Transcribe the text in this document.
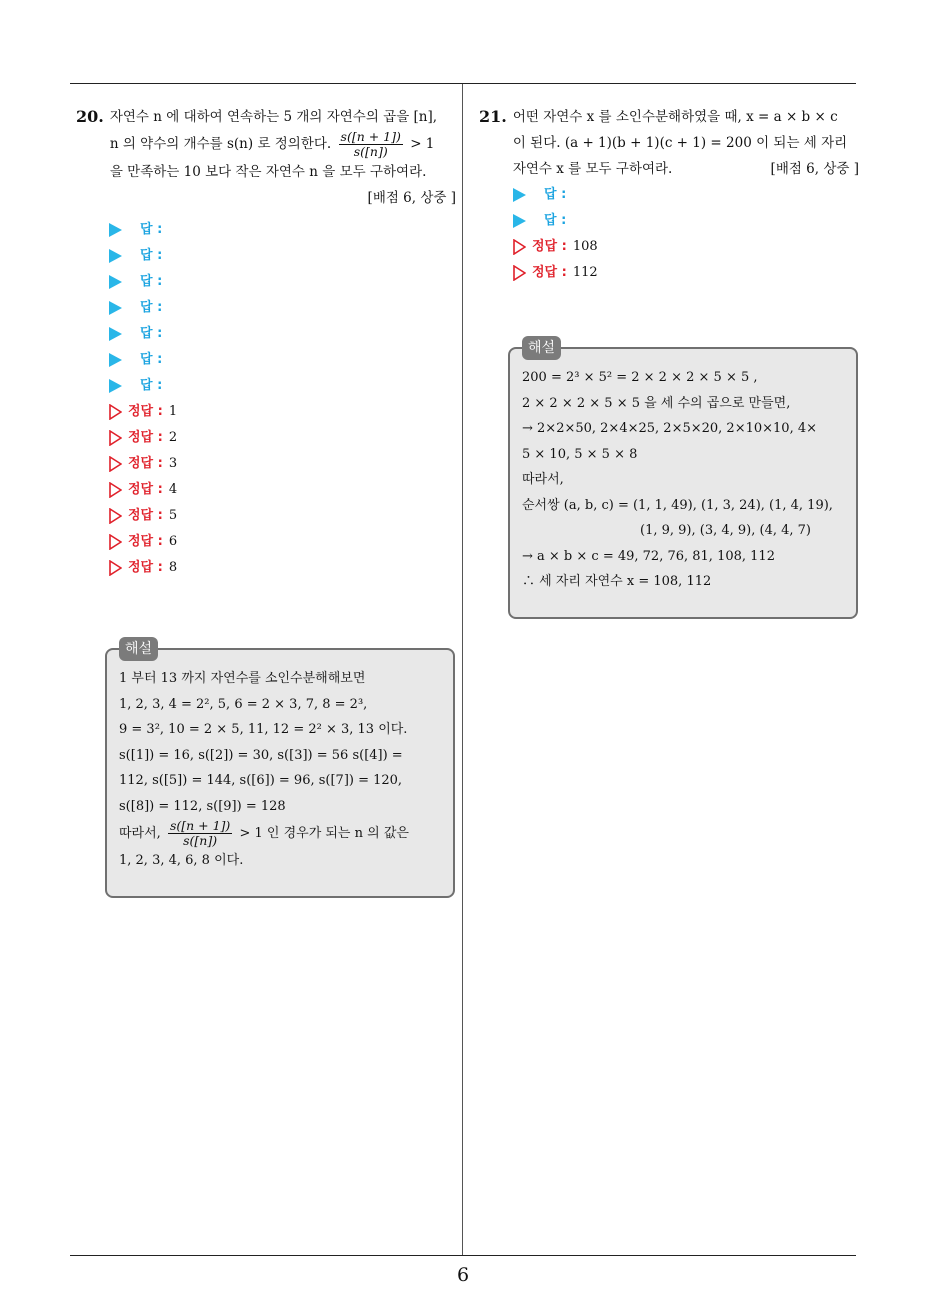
6
20. 자연수 n 에 대하여 연속하는 5 개의 자연수의 곱을 [n],
n 의 약수의 개수를 s(n) 로 정의한다. $\frac{s([n + 1])}{s([n])} > 1$
을 만족하는 10 보다 작은 자연수 n 을 모두 구하여라.
[배점 6, 상중 ]
답 :
답 :
답 :
답 :
답 :
답 :
답 :
정답 : 1
정답 : 2
정답 : 3
정답 : 4
정답 : 5
정답 : 6
정답 : 8
해설
1 부터 13 까지 자연수를 소인수분해해보면
1, 2, 3, 4 = 2², 5, 6 = 2 × 3, 7, 8 = 2³,
9 = 3², 10 = 2 × 5, 11, 12 = 2² × 3, 13 이다.
s([1]) = 16, s([2]) = 30, s([3]) = 56 s([4]) =
112, s([5]) = 144, s([6]) = 96, s([7]) = 120,
s([8]) = 112, s([9]) = 128
따라서, $\frac{s([n + 1])}{s([n])} > 1$ 인 경우가 되는 n 의 값은
1, 2, 3, 4, 6, 8 이다.
21. 어떤 자연수 x 를 소인수분해하였을 때, x = a × b × c
이 된다. (a + 1)(b + 1)(c + 1) = 200 이 되는 세 자리
자연수 x 를 모두 구하여라.	[배점 6, 상중 ]
답 :
답 :
정답 : 108
정답 : 112
해설
200 = 2³ × 5² = 2 × 2 × 2 × 5 × 5 ,
2 × 2 × 2 × 5 × 5 을 세 수의 곱으로 만들면,
→ 2×2×50, 2×4×25, 2×5×20, 2×10×10, 4×
5 × 10, 5 × 5 × 8
따라서,
순서쌍 (a, b, c) = (1, 1, 49), (1, 3, 24), (1, 4, 19),
(1, 9, 9), (3, 4, 9), (4, 4, 7)
→ a × b × c = 49, 72, 76, 81, 108, 112
∴ 세 자리 자연수 x = 108, 112
